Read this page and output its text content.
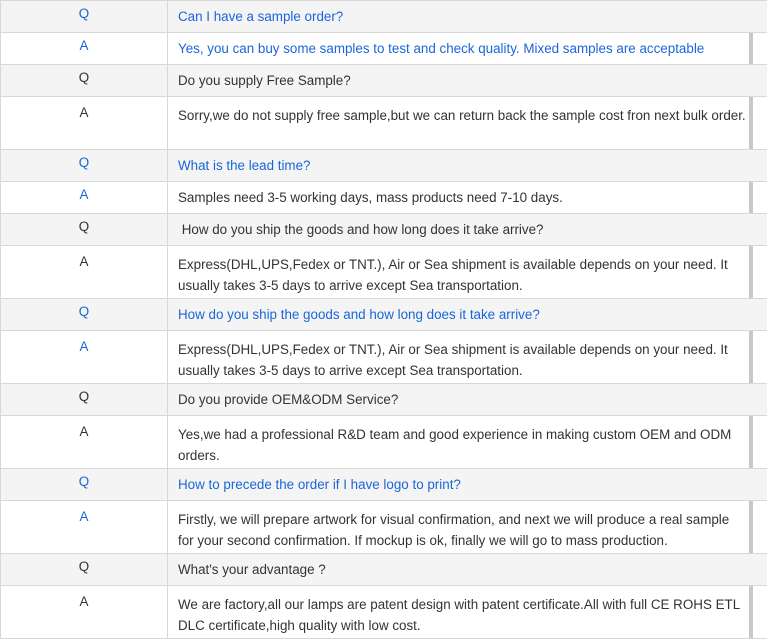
Q	Can I have a sample order?
A	Yes, you can buy some samples to test and check quality. Mixed samples are acceptable
Q	Do you supply Free Sample?
A	Sorry,we do not supply free sample,but we can return back the sample cost fron next bulk order.
Q	What is the lead time?
A	Samples need 3-5 working days, mass products need 7-10 days.
Q	How do you ship the goods and how long does it take arrive?
A	Express(DHL,UPS,Fedex or TNT.), Air or Sea shipment is available depends on your need. It usually takes 3-5 days to arrive except Sea transportation.
Q	How do you ship the goods and how long does it take arrive?
A	Express(DHL,UPS,Fedex or TNT.), Air or Sea shipment is available depends on your need. It usually takes 3-5 days to arrive except Sea transportation.
Q	Do you provide OEM&ODM Service?
A	Yes,we had a professional R&D team and good experience in making custom OEM and ODM orders.
Q	How to precede the order if I have logo to print?
A	Firstly, we will prepare artwork for visual confirmation, and next we will produce a real sample for your second confirmation. If mockup is ok, finally we will go to mass production.
Q	What's your advantage ?
A	We are factory,all our lamps are patent design with patent certificate.All with full CE ROHS ETL DLC certificate,high quality with low cost.
